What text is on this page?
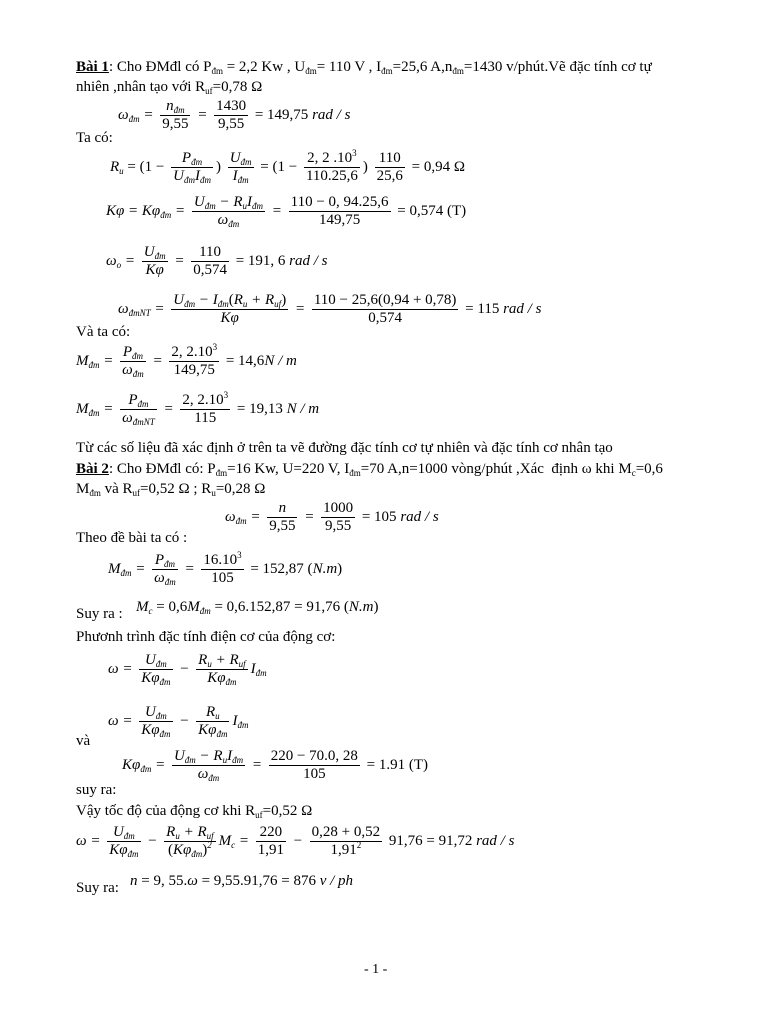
Bài 1: Cho ĐMđl có $P_{đm} = 2,2$ Kw , $U_{đm}= 110$ V , $I_{đm}=25,6$ $A,n_{đm}=1430$ v/phút.Vẽ đặc tính cơ tự
nhiên ,nhân tạo với $R_{uf}=0,78$ Ω
$\omega_{đm}$ =
$n_{đm}$
9,55
= $\frac{1430}{9,55} = 149,75$ rad / s
Ta có:
$R_u = (1$ −
$P_{đm}$
$U_{đm}I_{đm}$
)
$U_{đm}$
$I_{đm}$
= ($1 - \frac{2, 2 .10^3}{110.25,6}$ ) $\frac{110}{25,6} = 0,94$ Ω
$K\varphi = K\varphi_{đm}$ =
$U_{đm} - R_uI_{đm}$
$\omega_{đm}$
= $\frac{110 - 0, 94.25,6}{149,75} = 0,574$ (T)
$\omega_o$ =
$U_{đm}$
Kφ
= $\frac{110}{0,574} = 191$, 6 rad / s
$\omega_{đmNT}$ =
$U_{đm} - I_{đm}(R_u + R_{uf})$
Kφ
= $\frac{110 - 25,6(0,94 + 0,78)}{0,574} = 115$ rad / s
Và ta có:
$M_{đm}$ =
$P_{đm}$
$\omega_{đm}$
= $\frac{2, 2.10^3}{149,75} = 14,6N / m$
$M_{đm}$ =
$P_{đm}$
$\omega_{đmNT}$
= $\frac{2, 2.10^3}{115} = 19,13$ N / m
Từ các số liệu đã xác định ở trên ta vẽ đường đặc tính cơ tự nhiên và đặc tính cơ nhân tạo
Bài 2: Cho ĐMđl có: $P_{đm}=16$ Kw, U=220 V, $I_{đm}=70$ A,n=1000 vòng/phút ,Xác  định ω khi $M_c=0,6$
$M_{đm}$ và $R_{uf}=0,52$ Ω ; $R_u=0,28$ Ω
$\omega_{đm} = \frac{n}{9,55} = \frac{1000}{9,55} = 105$ rad / s
Theo đề bài ta có :
$M_{đm}$ =
$P_{đm}$
$\omega_{đm}$
= $\frac{16.10^3}{105} = 152,87$ (N.m)
Suy ra : $M_c = 0,6M_{đm} = 0,6.152,87 = 91,76$ (N.m)
Phươnh trình đặc tính điện cơ của động cơ:
ω =
$U_{đm}$
$K\varphi_{đm}$
−
$R_u + R_{uf}$
$K\varphi_{đm}$
$I_{đm}$
ω =
$U_{đm}$
$K\varphi_{đm}$
−
$R_u$
$K\varphi_{đm}$
$I_{đm}$
và
$K\varphi_{đm}$ =
$U_{đm} - R_uI_{đm}$
$\omega_{đm}$
= $\frac{220 - 70.0, 28}{105} = 1.91$ (T)
suy ra:
Vậy tốc độ của động cơ khi $R_{uf}=0,52$ Ω
ω =
$U_{đm}$
$K\varphi_{đm}$
−
$R_u + R_{uf}$
$(K\varphi_{đm})^2$ $M_c = \frac{220}{1,91} - \frac{0,28 + 0,52}{1,91^2} 91,76 = 91,72$ rad / s
Suy ra: n = 9, 55.ω = 9,55.91,76 = 876 v / ph
- 1 -
